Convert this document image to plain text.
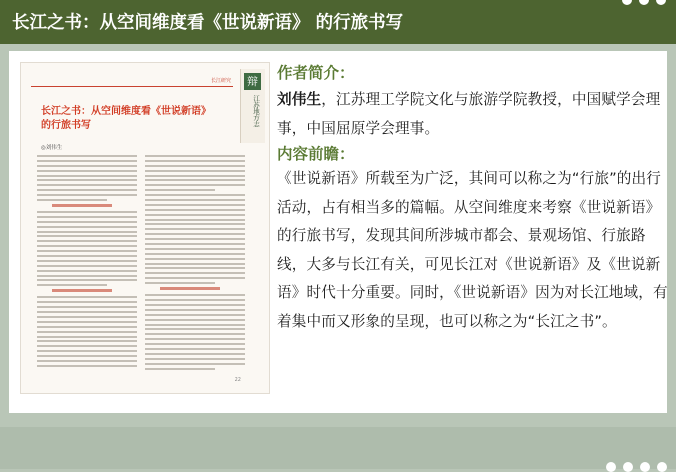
长江之书：从空间维度看《世说新语》 的行旅书写
长江研究 辩
江苏地方志
长江之书：从空间维度看《世说新语》的行旅书写
◎刘伟生
22

作者简介：

刘伟生，江苏理工学院文化与旅游学院教授，中国赋学会理事，中国屈原学会理事。

内容前瞻：

《世说新语》所载至为广泛，其间可以称之为“行旅”的出行活动，占有相当多的篇幅。从空间维度来考察《世说新语》的行旅书写，发现其间所涉城市都会、景观场馆、行旅路线，大多与长江有关，可见长江对《世说新语》及《世说新语》时代十分重要。同时，《世说新语》因为对长江地域，有着集中而又形象的呈现，也可以称之为“长江之书”。
